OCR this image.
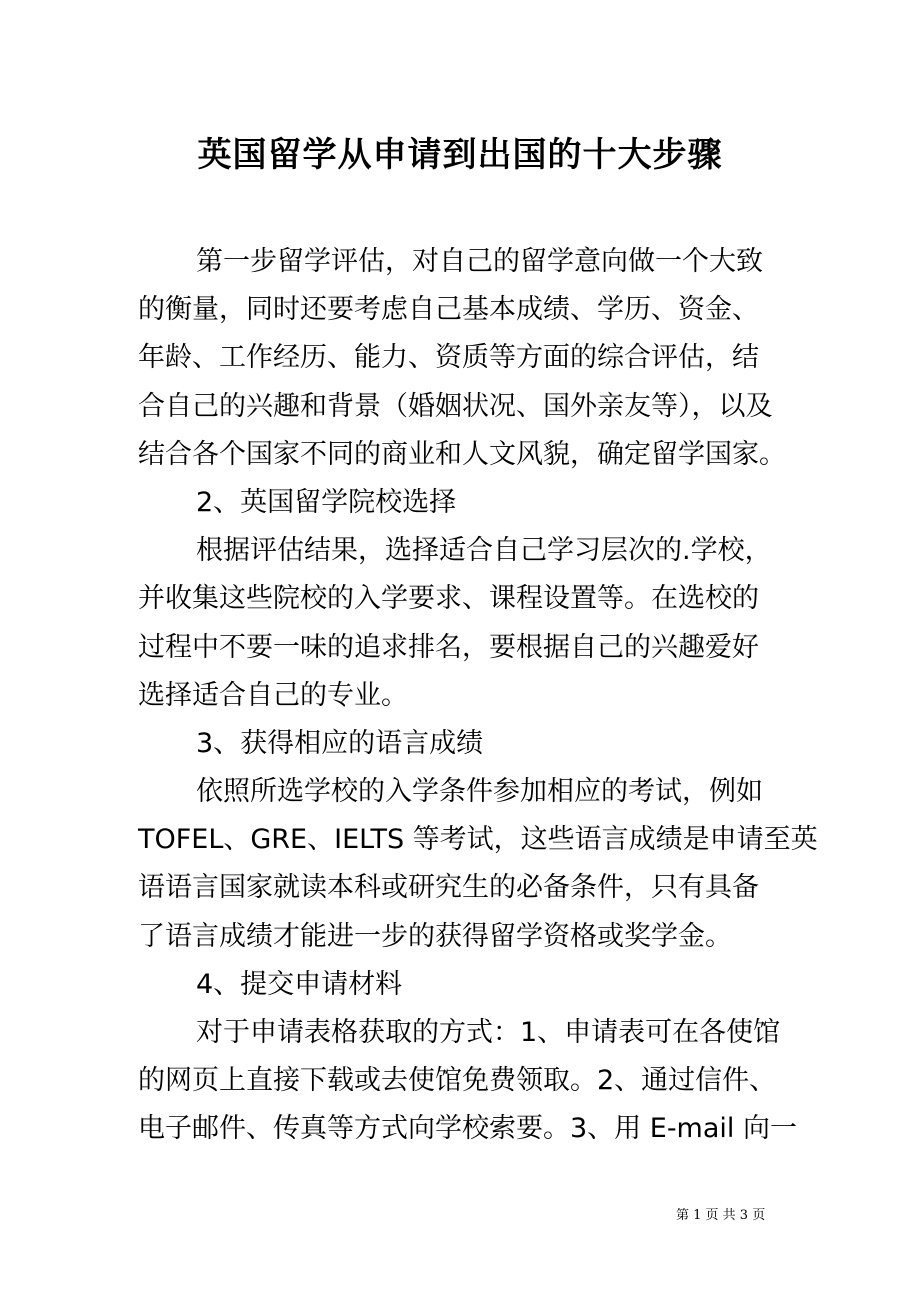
英国留学从申请到出国的十大步骤
第一步留学评估，对自己的留学意向做一个大致
的衡量，同时还要考虑自己基本成绩、学历、资金、
年龄、工作经历、能力、资质等方面的综合评估，结
合自己的兴趣和背景（婚姻状况、国外亲友等），以及
结合各个国家不同的商业和人文风貌，确定留学国家。
2、英国留学院校选择
根据评估结果，选择适合自己学习层次的.学校，
并收集这些院校的入学要求、课程设置等。在选校的
过程中不要一味的追求排名，要根据自己的兴趣爱好
选择适合自己的专业。
3、获得相应的语言成绩
依照所选学校的入学条件参加相应的考试，例如
TOFEL、GRE、IELTS 等考试，这些语言成绩是申请至英
语语言国家就读本科或研究生的必备条件，只有具备
了语言成绩才能进一步的获得留学资格或奖学金。
4、提交申请材料
对于申请表格获取的方式：1、申请表可在各使馆
的网页上直接下载或去使馆免费领取。2、通过信件、
电子邮件、传真等方式向学校索要。3、用 E-mail 向一
第 1 页 共 3 页
